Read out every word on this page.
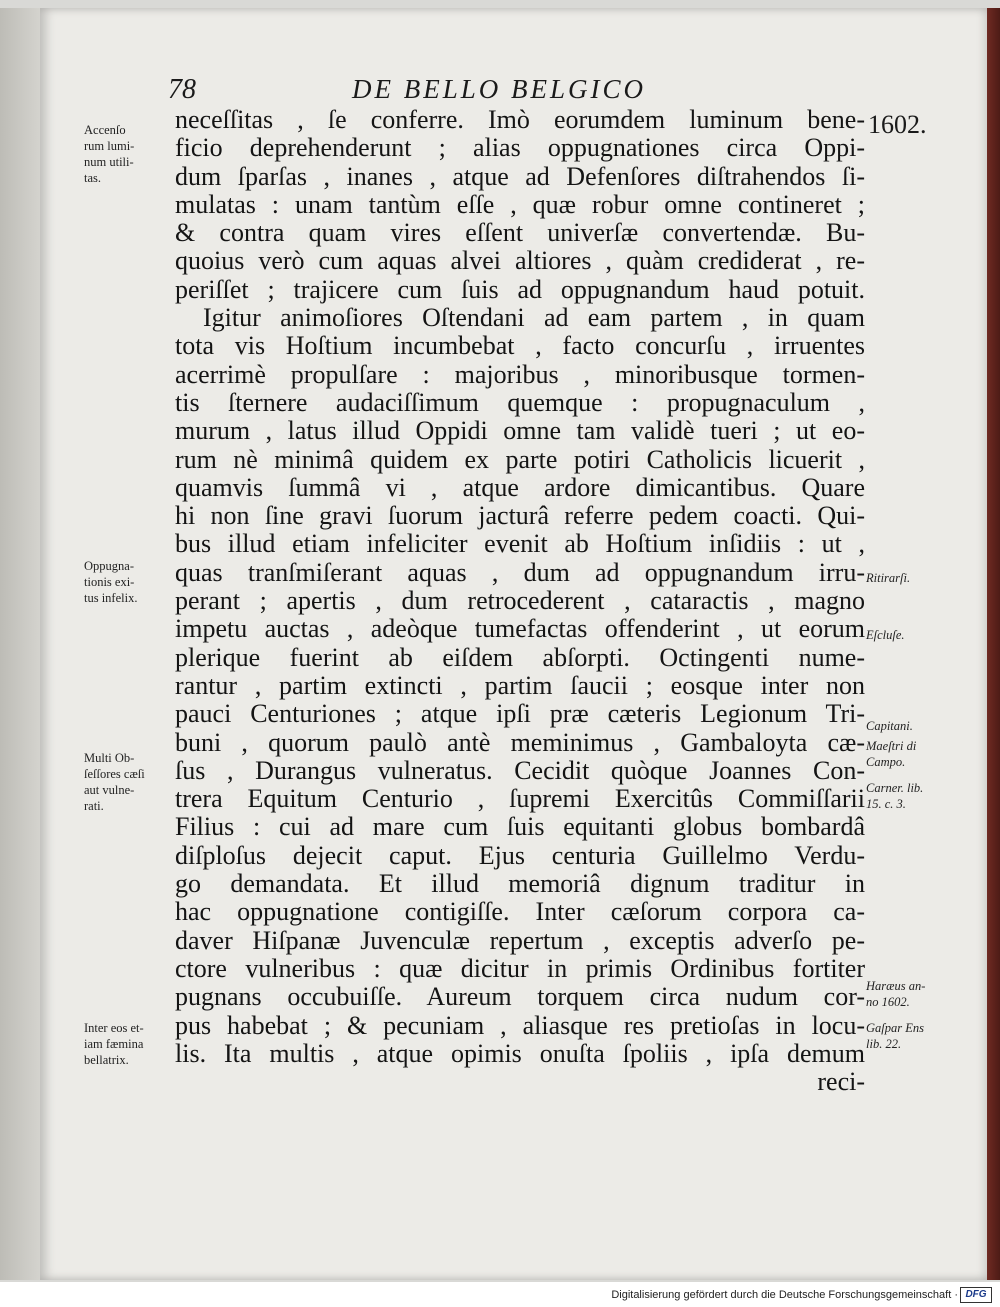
78	DE BELLO BELGICO
1602.
neceſſitas , ſe conferre. Imò eorumdem luminum bene-
ficio deprehenderunt ; alias oppugnationes circa Oppi-
dum ſparſas , inanes , atque ad Defenſores diſtrahendos ſi-
mulatas : unam tantùm eſſe , quæ robur omne contineret ;
& contra quam vires eſſent univerſæ convertendæ. Bu-
quoius verò cum aquas alvei altiores , quàm crediderat , re-
periſſet ; trajicere cum ſuis ad oppugnandum haud potuit.
Igitur animoſiores Oſtendani ad eam partem , in quam
tota vis Hoſtium incumbebat , facto concurſu , irruentes
acerrimè propulſare : majoribus , minoribusque tormen-
tis ſternere audaciſſimum quemque : propugnaculum ,
murum , latus illud Oppidi omne tam validè tueri ; ut eo-
rum nè minimâ quidem ex parte potiri Catholicis licuerit ,
quamvis ſummâ vi , atque ardore dimicantibus. Quare
hi non ſine gravi ſuorum jacturâ referre pedem coacti. Qui-
bus illud etiam infeliciter evenit ab Hoſtium inſidiis : ut ,
quas tranſmiſerant aquas , dum ad oppugnandum irru-
perant ; apertis , dum retrocederent , cataractis , magno
impetu auctas , adeòque tumefactas offenderint , ut eorum
plerique fuerint ab eiſdem abſorpti. Octingenti nume-
rantur , partim extincti , partim ſaucii ; eosque inter non
pauci Centuriones ; atque ipſi præ cæteris Legionum Tri-
buni , quorum paulò antè meminimus , Gambaloyta cæ-
ſus , Durangus vulneratus. Cecidit quòque Joannes Con-
trera Equitum Centurio , ſupremi Exercitûs Commiſſarii
Filius : cui ad mare cum ſuis equitanti globus bombardâ
diſploſus dejecit caput. Ejus centuria Guillelmo Verdu-
go demandata. Et illud memoriâ dignum traditur in
hac oppugnatione contigiſſe. Inter cæſorum corpora ca-
daver Hiſpanæ Juvenculæ repertum , exceptis adverſo pe-
ctore vulneribus : quæ dicitur in primis Ordinibus fortiter
pugnans occubuiſſe. Aureum torquem circa nudum cor-
pus habebat ; & pecuniam , aliasque res pretioſas in locu-
lis. Ita multis , atque opimis onuſta ſpoliis , ipſa demum
reci-
Accenſo
rum lumi-
num utili-
tas.
Oppugna-
tionis exi-
tus infelix.
Multi Ob-
ſeſſores cæſi
aut vulne-
rati.
Inter eos et-
iam fæmina
bellatrix.
Ritirarſi.
Eſcluſe.
Capitani.
Maeſtri di
Campo.
Carner. lib.
15. c. 3.
Haræus an-
no 1602.
Gaſpar Ens
lib. 22.
Digitalisierung gefördert durch die Deutsche Forschungsgemeinschaft · DFG
